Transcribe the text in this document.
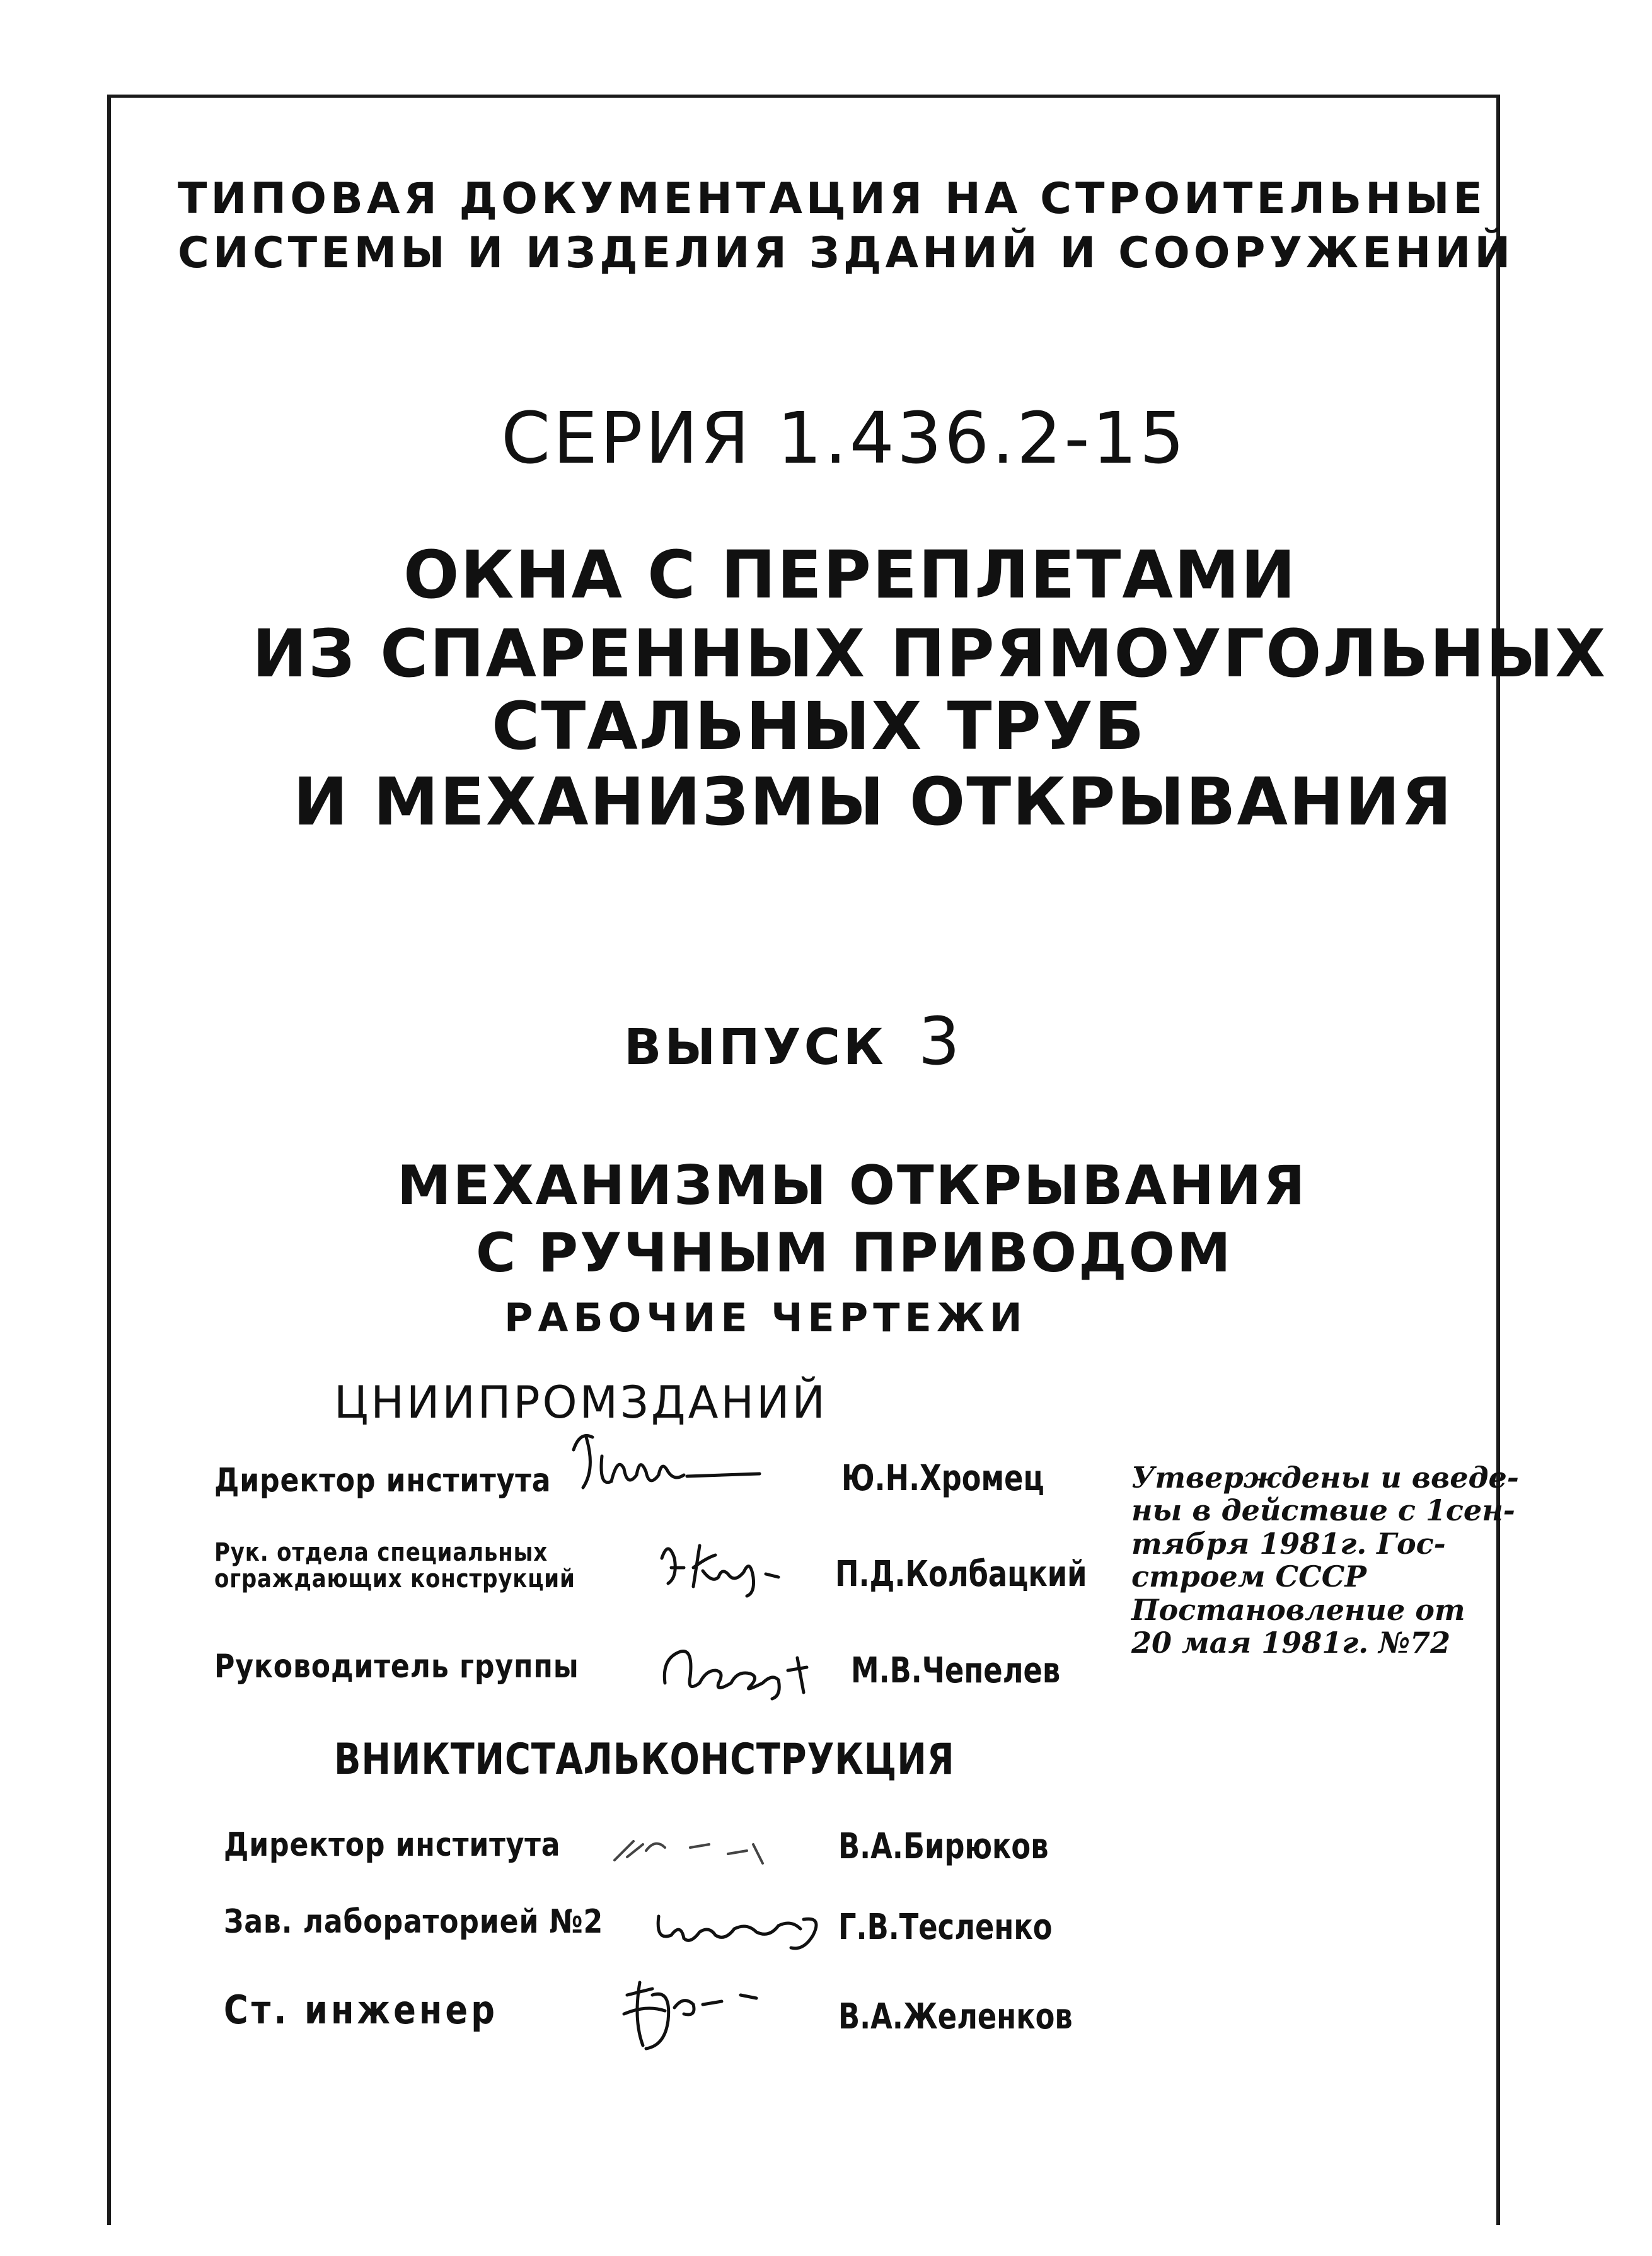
ТИПОВАЯ ДОКУМЕНТАЦИЯ НА СТРОИТЕЛЬНЫЕ
СИСТЕМЫ И ИЗДЕЛИЯ ЗДАНИЙ И СООРУЖЕНИЙ
СЕРИЯ 1.436.2-15
ОКНА С ПЕРЕПЛЕТАМИ
ИЗ СПАРЕННЫХ ПРЯМОУГОЛЬНЫХ
СТАЛЬНЫХ ТРУБ
И МЕХАНИЗМЫ ОТКРЫВАНИЯ
ВЫПУСК 3
МЕХАНИЗМЫ ОТКРЫВАНИЯ
С РУЧНЫМ ПРИВОДОМ
РАБОЧИЕ ЧЕРТЕЖИ
ЦНИИПРОМЗДАНИЙ
Директор института	Ю.Н.Хромец
Рук. отдела специальных
ограждающих конструкций	П.Д.Колбацкий
Руководитель группы	М.В.Чепелев
ВНИКТИСТАЛЬКОНСТРУКЦИЯ
Директор института	В.А.Бирюков
Зав. лабораторией №2	Г.В.Тесленко
Ст. инженер	В.А.Желенков
Утверждены и введе-
ны в действие с 1сен-
тября 1981г. Гос-
строем СССР
Постановление от
20 мая 1981г. №72
